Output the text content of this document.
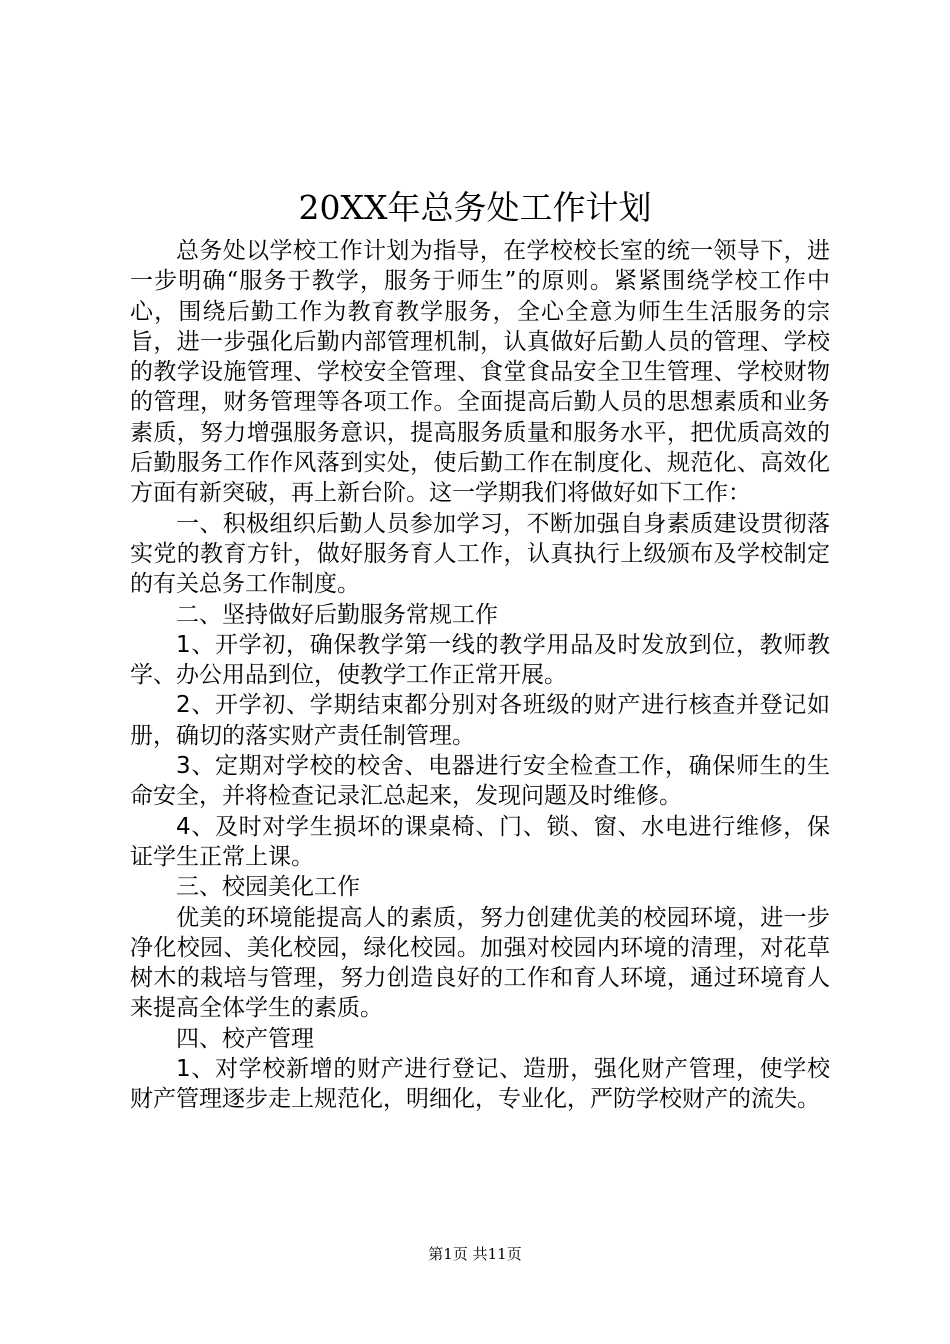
20XX年总务处工作计划

总务处以学校工作计划为指导，在学校校长室的统一领导下，进一步明确“服务于教学，服务于师生”的原则。紧紧围绕学校工作中心，围绕后勤工作为教育教学服务，全心全意为师生生活服务的宗旨，进一步强化后勤内部管理机制，认真做好后勤人员的管理、学校的教学设施管理、学校安全管理、食堂食品安全卫生管理、学校财物的管理，财务管理等各项工作。全面提高后勤人员的思想素质和业务素质，努力增强服务意识，提高服务质量和服务水平，把优质高效的后勤服务工作作风落到实处，使后勤工作在制度化、规范化、高效化方面有新突破，再上新台阶。这一学期我们将做好如下工作：

一、积极组织后勤人员参加学习，不断加强自身素质建设贯彻落实党的教育方针，做好服务育人工作，认真执行上级颁布及学校制定的有关总务工作制度。

二、坚持做好后勤服务常规工作

1、开学初，确保教学第一线的教学用品及时发放到位，教师教学、办公用品到位，使教学工作正常开展。

2、开学初、学期结束都分别对各班级的财产进行核查并登记如册，确切的落实财产责任制管理。

3、定期对学校的校舍、电器进行安全检查工作，确保师生的生命安全，并将检查记录汇总起来，发现问题及时维修。

4、及时对学生损坏的课桌椅、门、锁、窗、水电进行维修，保证学生正常上课。

三、校园美化工作

优美的环境能提高人的素质，努力创建优美的校园环境，进一步净化校园、美化校园，绿化校园。加强对校园内环境的清理，对花草树木的栽培与管理，努力创造良好的工作和育人环境，通过环境育人来提高全体学生的素质。

四、校产管理

1、对学校新增的财产进行登记、造册，强化财产管理，使学校财产管理逐步走上规范化，明细化，专业化，严防学校财产的流失。

第1页 共11页
